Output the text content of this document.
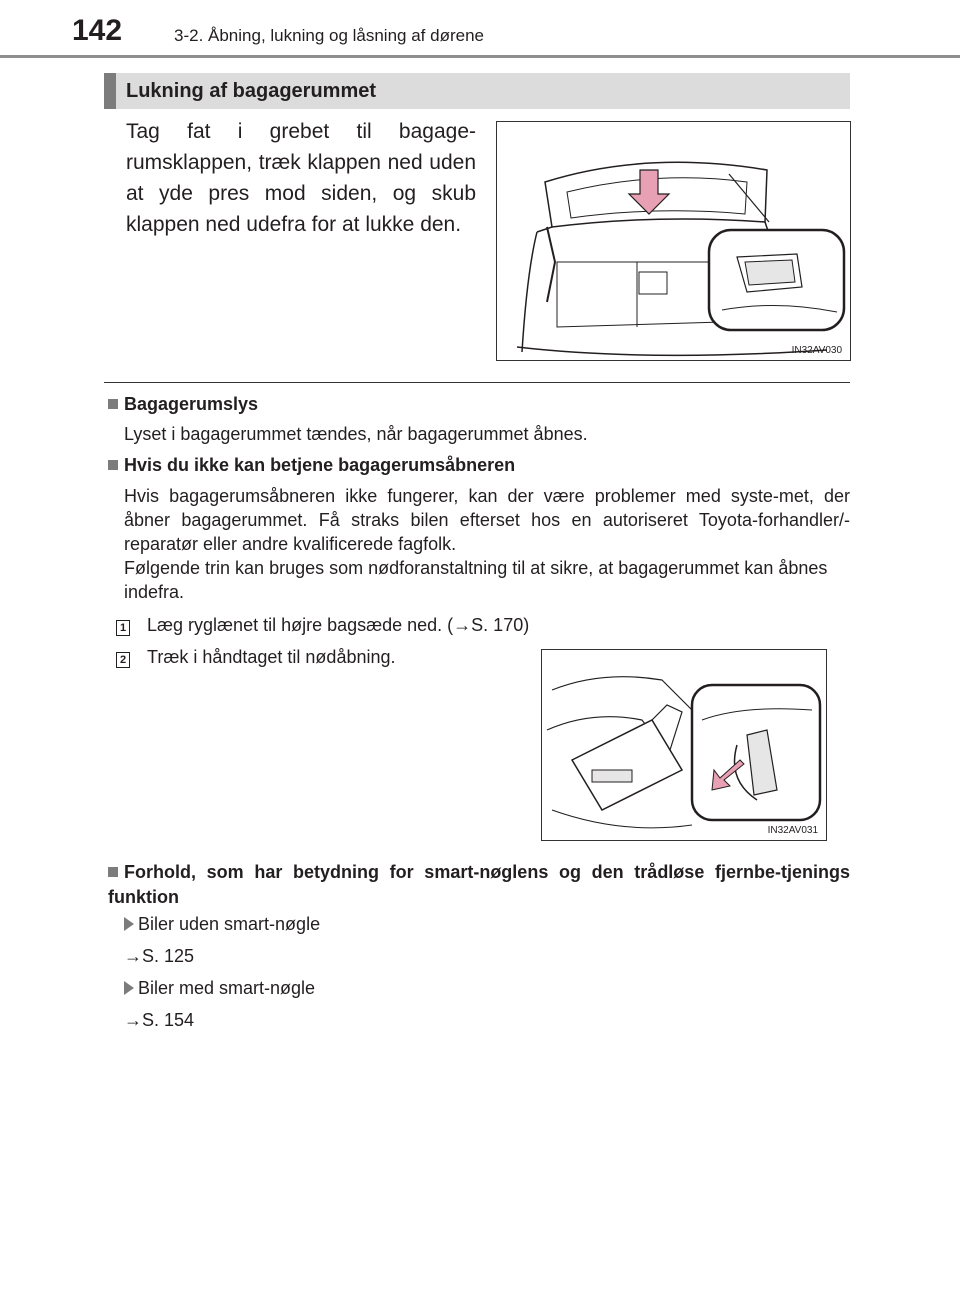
142	3-2. Åbning, lukning og låsning af dørene
Lukning af bagagerummet
Tag fat i grebet til bagage-rumsklappen, træk klappen ned uden at yde pres mod siden, og skub klappen ned udefra for at lukke den.
IN32AV030
Bagagerumslys
Lyset i bagagerummet tændes, når bagagerummet åbnes.
Hvis du ikke kan betjene bagagerumsåbneren
Hvis bagagerumsåbneren ikke fungerer, kan der være problemer med syste-met, der åbner bagagerummet. Få straks bilen efterset hos en autoriseret Toyota-forhandler/-reparatør eller andre kvalificerede fagfolk.
Følgende trin kan bruges som nødforanstaltning til at sikre, at bagagerummet kan åbnes indefra.
1 Læg ryglænet til højre bagsæde ned. (→S. 170)
2 Træk i håndtaget til nødåbning.
IN32AV031
Forhold, som har betydning for smart-nøglens og den trådløse fjernbe-tjenings funktion
Biler uden smart-nøgle
→S. 125
Biler med smart-nøgle
→S. 154
